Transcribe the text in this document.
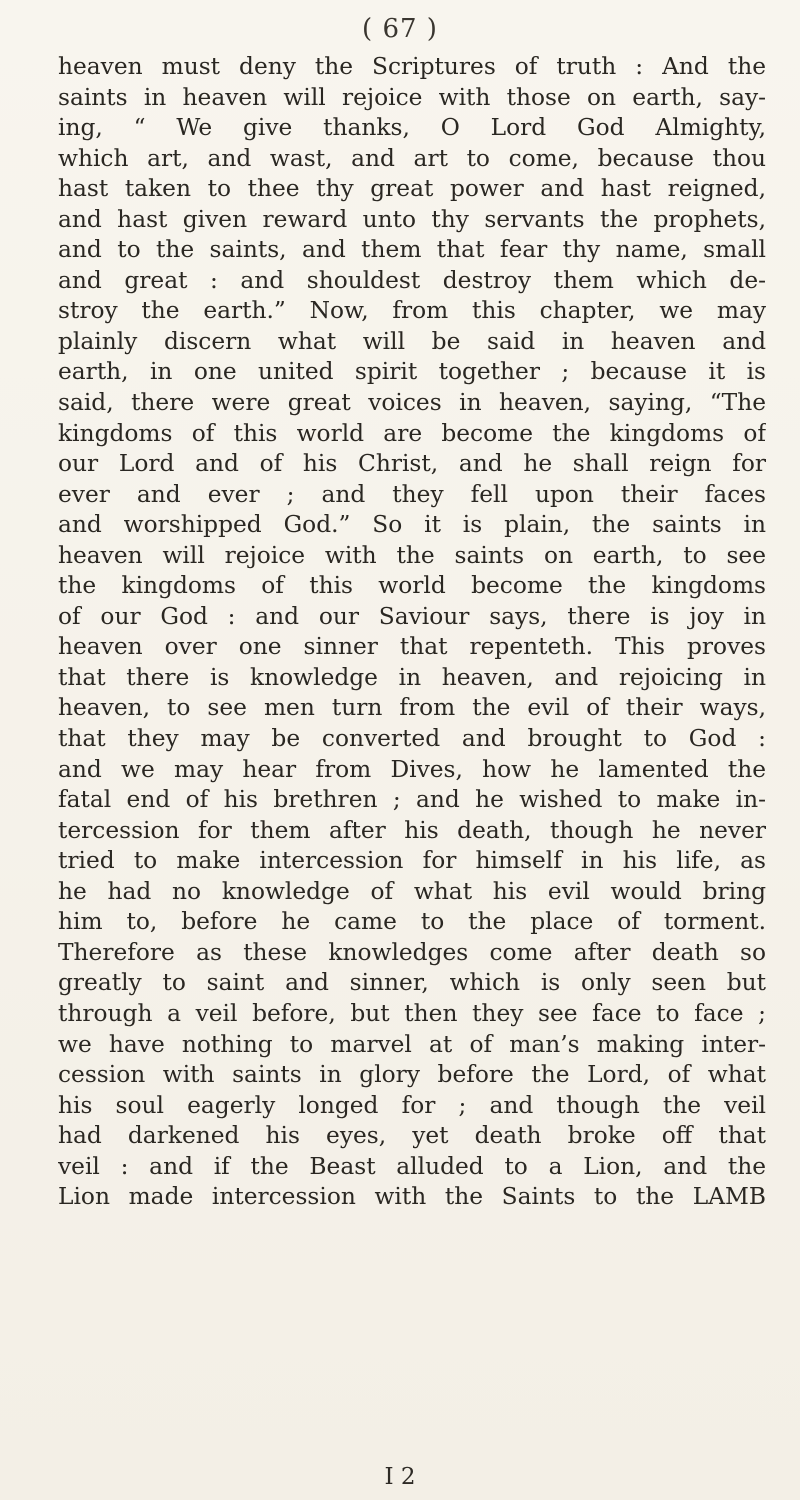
( 67 )
heaven must deny the Scriptures of truth : And the
saints in heaven will rejoice with those on earth, say-
ing, “ We give thanks, O Lord God Almighty,
which art, and wast, and art to come, because thou
hast taken to thee thy great power and hast reigned,
and hast given reward unto thy servants the prophets,
and to the saints, and them that fear thy name, small
and great : and shouldest destroy them which de-
stroy the earth.” Now, from this chapter, we may
plainly discern what will be said in heaven and
earth, in one united spirit together ; because it is
said, there were great voices in heaven, saying, “The
kingdoms of this world are become the kingdoms of
our Lord and of his Christ, and he shall reign for
ever and ever ; and they fell upon their faces
and worshipped God.” So it is plain, the saints in
heaven will rejoice with the saints on earth, to see
the kingdoms of this world become the kingdoms
of our God : and our Saviour says, there is joy in
heaven over one sinner that repenteth. This proves
that there is knowledge in heaven, and rejoicing in
heaven, to see men turn from the evil of their ways,
that they may be converted and brought to God :
and we may hear from Dives, how he lamented the
fatal end of his brethren ; and he wished to make in-
tercession for them after his death, though he never
tried to make intercession for himself in his life, as
he had no knowledge of what his evil would bring
him to, before he came to the place of torment.
Therefore as these knowledges come after death so
greatly to saint and sinner, which is only seen but
through a veil before, but then they see face to face ;
we have nothing to marvel at of man’s making inter-
cession with saints in glory before the Lord, of what
his soul eagerly longed for ; and though the veil
had darkened his eyes, yet death broke off that
veil : and if the Beast alluded to a Lion, and the
Lion made intercession with the Saints to the LAMB
I 2
